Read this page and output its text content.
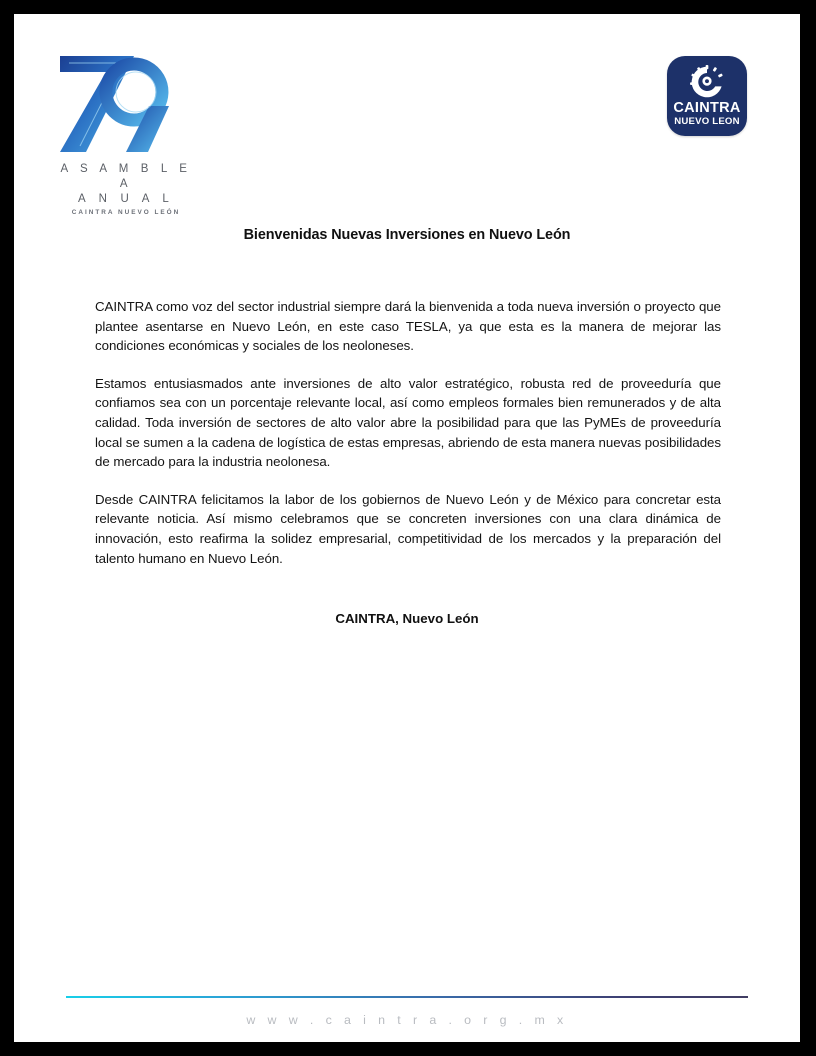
A S A M B L E A
A N U A L
CAINTRA NUEVO LEÓN
CAINTRA
NUEVO LEON
Bienvenidas Nuevas Inversiones en Nuevo León

CAINTRA como voz del sector industrial siempre dará la bienvenida a toda nueva inversión o proyecto que plantee asentarse en Nuevo León, en este caso TESLA, ya que esta es la manera de mejorar las condiciones económicas y sociales de los neoloneses.

Estamos entusiasmados ante inversiones de alto valor estratégico, robusta red de proveeduría que confiamos sea con un porcentaje relevante local, así como empleos formales bien remunerados y de alta calidad. Toda inversión de sectores de alto valor abre la posibilidad para que las PyMEs de proveeduría local se sumen a la cadena de logística de estas empresas, abriendo de esta manera nuevas posibilidades de mercado para la industria neolonesa.

Desde CAINTRA felicitamos la labor de los gobiernos de Nuevo León y de México para concretar esta relevante noticia. Así mismo celebramos que se concreten inversiones con una clara dinámica de innovación, esto reafirma la solidez empresarial, competitividad de los mercados y la preparación del talento humano en Nuevo León.

CAINTRA, Nuevo León
w w w . c a i n t r a . o r g . m x
